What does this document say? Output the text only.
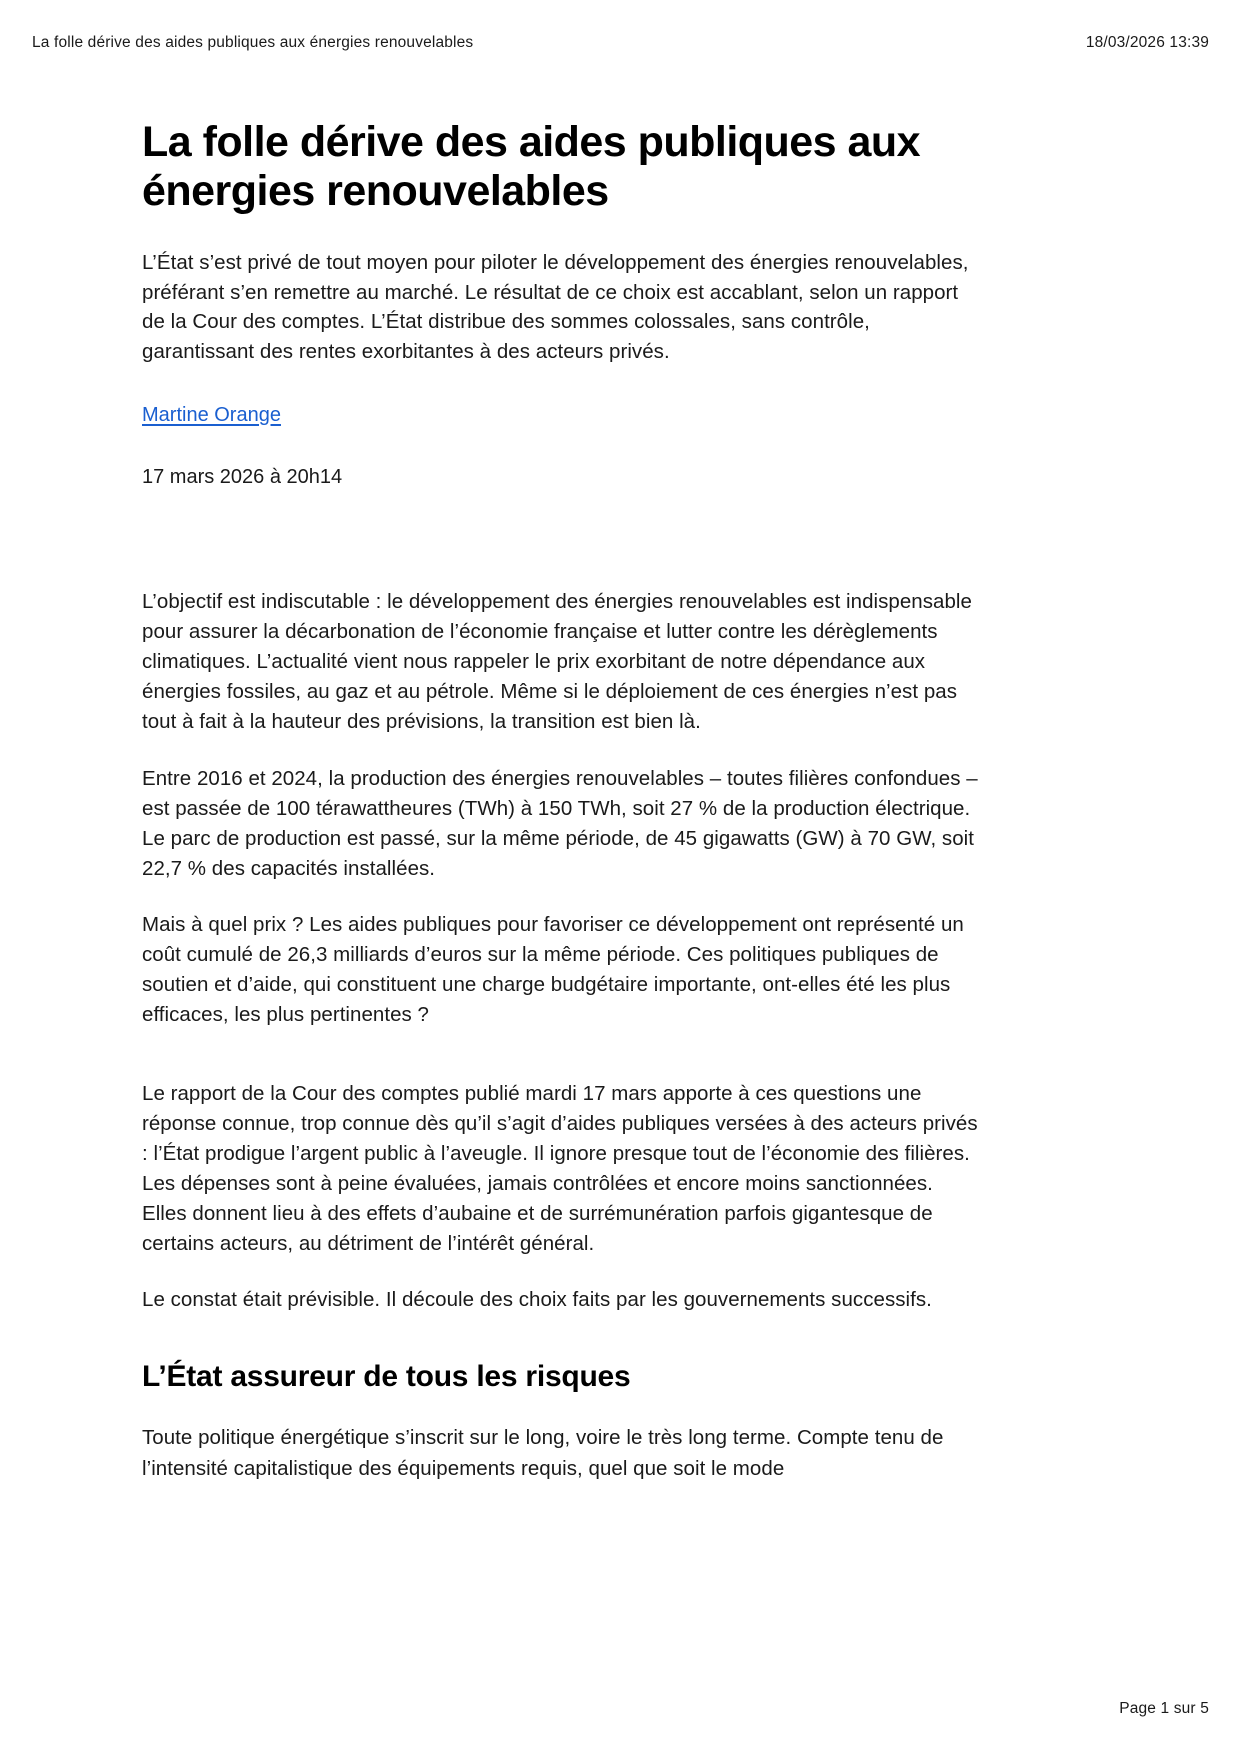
La folle dérive des aides publiques aux énergies renouvelables	18/03/2026 13:39
La folle dérive des aides publiques aux énergies renouvelables

L’État s’est privé de tout moyen pour piloter le développement des énergies renouvelables, préférant s’en remettre au marché. Le résultat de ce choix est accablant, selon un rapport de la Cour des comptes. L’État distribue des sommes colossales, sans contrôle, garantissant des rentes exorbitantes à des acteurs privés.

Martine Orange

17 mars 2026 à 20h14

L’objectif est indiscutable : le développement des énergies renouvelables est indispensable pour assurer la décarbonation de l’économie française et lutter contre les dérèglements climatiques. L’actualité vient nous rappeler le prix exorbitant de notre dépendance aux énergies fossiles, au gaz et au pétrole. Même si le déploiement de ces énergies n’est pas tout à fait à la hauteur des prévisions, la transition est bien là.

Entre 2016 et 2024, la production des énergies renouvelables – toutes filières confondues – est passée de 100 térawattheures (TWh) à 150 TWh, soit 27 % de la production électrique. Le parc de production est passé, sur la même période, de 45 gigawatts (GW) à 70 GW, soit 22,7 % des capacités installées.

Mais à quel prix ? Les aides publiques pour favoriser ce développement ont représenté un coût cumulé de 26,3 milliards d’euros sur la même période. Ces politiques publiques de soutien et d’aide, qui constituent une charge budgétaire importante, ont-elles été les plus efficaces, les plus pertinentes ?

Le rapport de la Cour des comptes publié mardi 17 mars apporte à ces questions une réponse connue, trop connue dès qu’il s’agit d’aides publiques versées à des acteurs privés : l’État prodigue l’argent public à l’aveugle. Il ignore presque tout de l’économie des filières. Les dépenses sont à peine évaluées, jamais contrôlées et encore moins sanctionnées. Elles donnent lieu à des effets d’aubaine et de surrémunération parfois gigantesque de certains acteurs, au détriment de l’intérêt général.

Le constat était prévisible. Il découle des choix faits par les gouvernements successifs.

L’État assureur de tous les risques

Toute politique énergétique s’inscrit sur le long, voire le très long terme. Compte tenu de l’intensité capitalistique des équipements requis, quel que soit le mode

Page 1 sur 5
